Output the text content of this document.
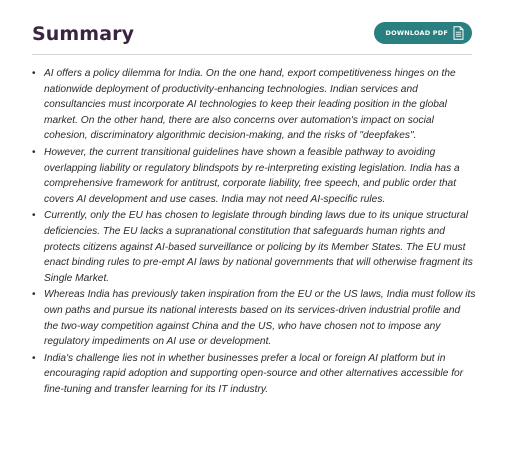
Summary	DOWNLOAD PDF
• AI offers a policy dilemma for India. On the one hand, export competitiveness hinges on the nationwide deployment of productivity-enhancing technologies. Indian services and consultancies must incorporate AI technologies to keep their leading position in the global market. On the other hand, there are also concerns over automation's impact on social cohesion, discriminatory algorithmic decision-making, and the risks of "deepfakes".
• However, the current transitional guidelines have shown a feasible pathway to avoiding overlapping liability or regulatory blindspots by re-interpreting existing legislation. India has a comprehensive framework for antitrust, corporate liability, free speech, and public order that covers AI development and use cases. India may not need AI-specific rules.
• Currently, only the EU has chosen to legislate through binding laws due to its unique structural deficiencies. The EU lacks a supranational constitution that safeguards human rights and protects citizens against AI-based surveillance or policing by its Member States. The EU must enact binding rules to pre-empt AI laws by national governments that will otherwise fragment its Single Market.
• Whereas India has previously taken inspiration from the EU or the US laws, India must follow its own paths and pursue its national interests based on its services-driven industrial profile and the two-way competition against China and the US, who have chosen not to impose any regulatory impediments on AI use or development.
• India's challenge lies not in whether businesses prefer a local or foreign AI platform but in encouraging rapid adoption and supporting open-source and other alternatives accessible for fine-tuning and transfer learning for its IT industry.
